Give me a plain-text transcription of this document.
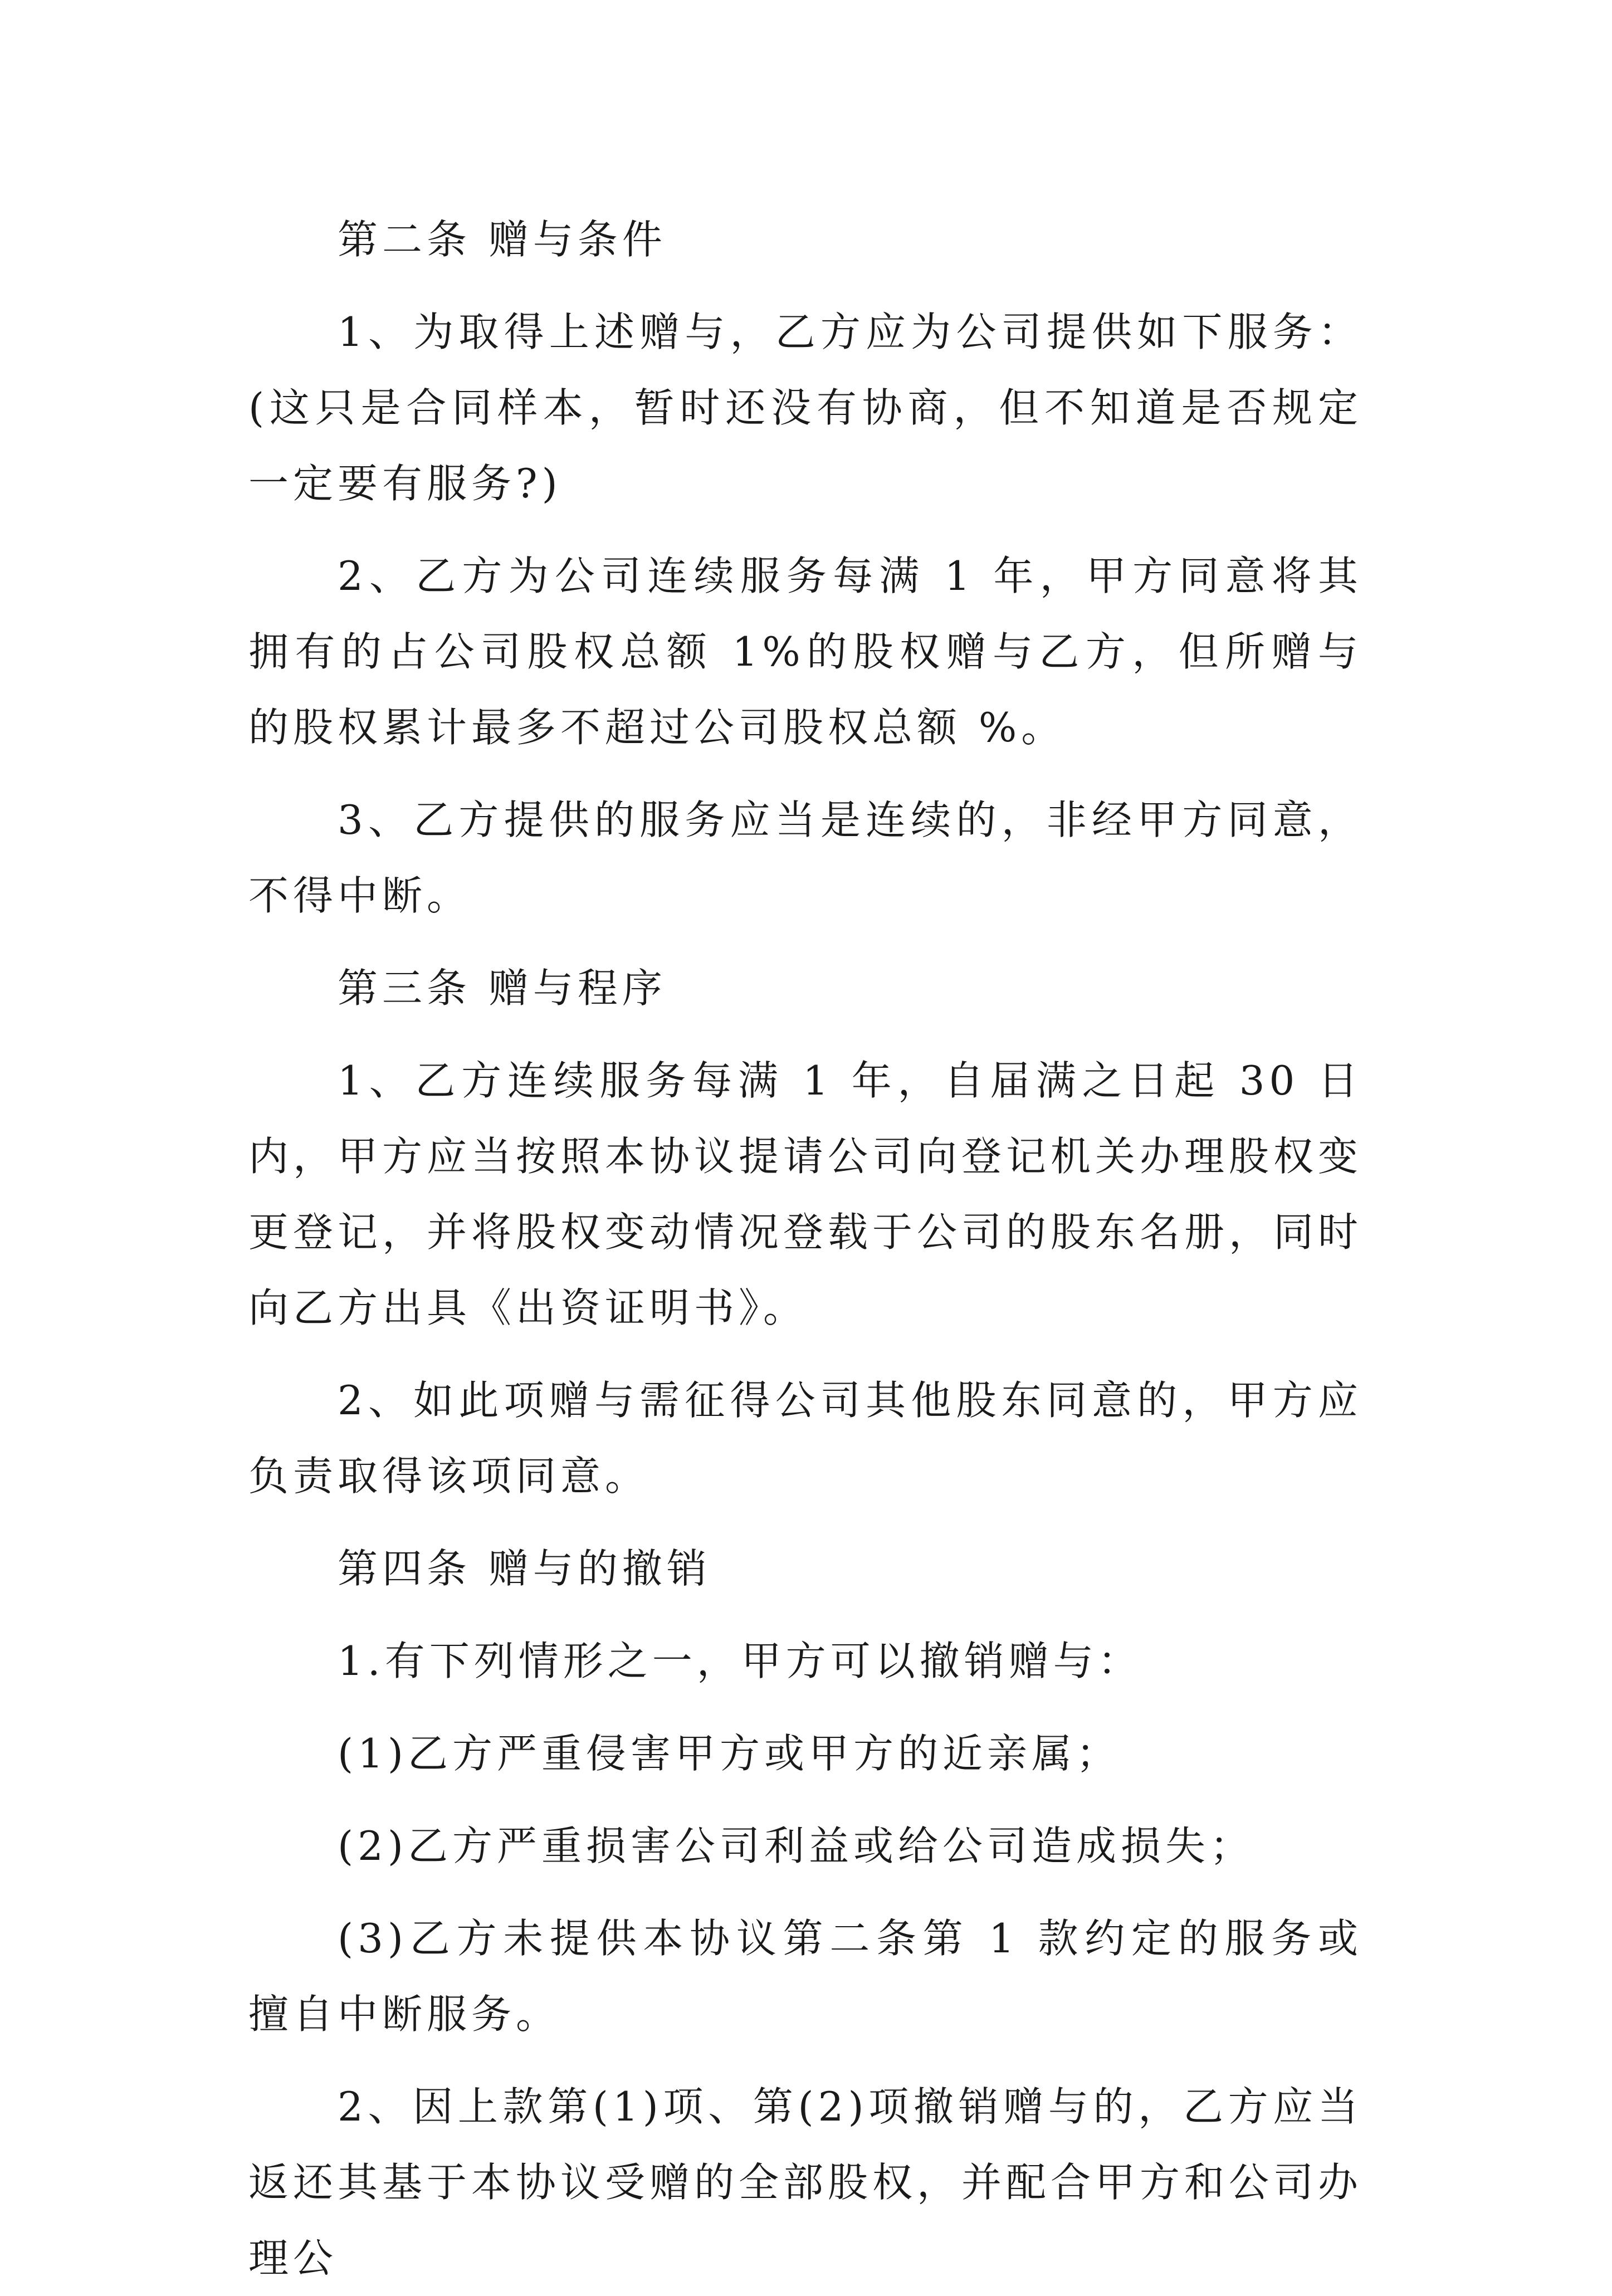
第二条 赠与条件

1、为取得上述赠与，乙方应为公司提供如下服务：(这只是合同样本，暂时还没有协商，但不知道是否规定一定要有服务?)

2、乙方为公司连续服务每满 1 年，甲方同意将其拥有的占公司股权总额 1%的股权赠与乙方，但所赠与的股权累计最多不超过公司股权总额 %。

3、乙方提供的服务应当是连续的，非经甲方同意，不得中断。

第三条 赠与程序

1、乙方连续服务每满 1 年，自届满之日起 30 日内，甲方应当按照本协议提请公司向登记机关办理股权变更登记，并将股权变动情况登载于公司的股东名册，同时向乙方出具《出资证明书》。

2、如此项赠与需征得公司其他股东同意的，甲方应负责取得该项同意。

第四条 赠与的撤销

1.有下列情形之一，甲方可以撤销赠与：

(1)乙方严重侵害甲方或甲方的近亲属；

(2)乙方严重损害公司利益或给公司造成损失；

(3)乙方未提供本协议第二条第 1 款约定的服务或擅自中断服务。

2、因上款第(1)项、第(2)项撤销赠与的，乙方应当返还其基于本协议受赠的全部股权，并配合甲方和公司办理公
